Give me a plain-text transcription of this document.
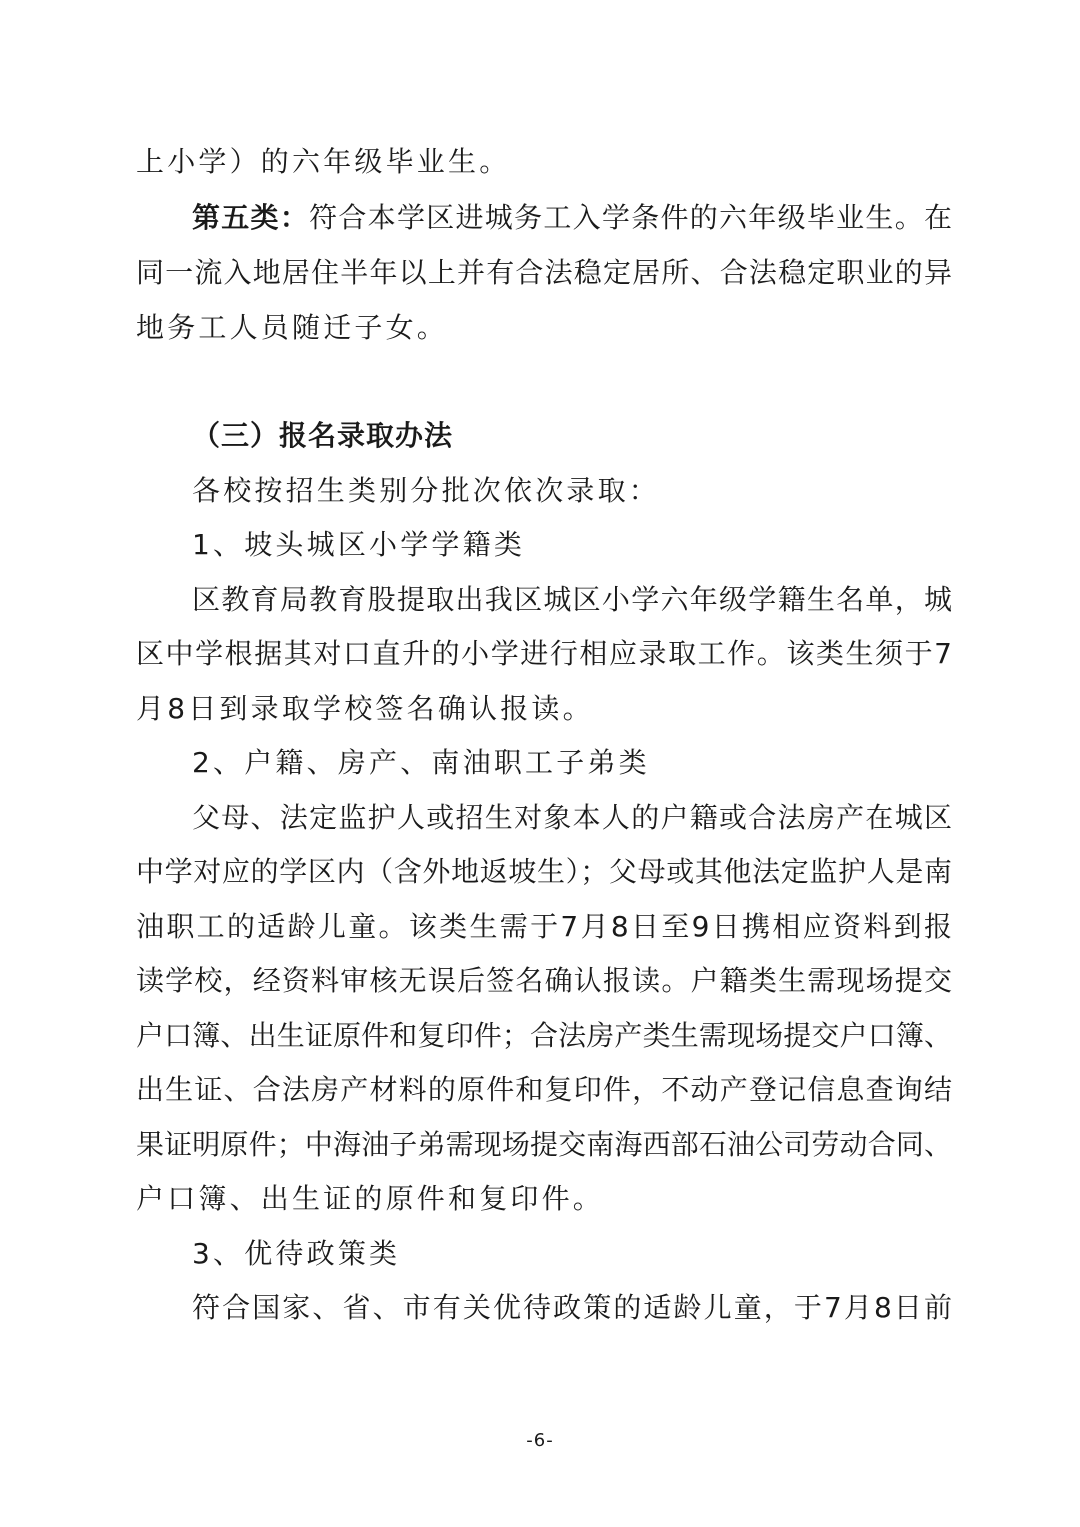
上小学）的六年级毕业生。
第五类：符合本学区进城务工入学条件的六年级毕业生。在
同一流入地居住半年以上并有合法稳定居所、合法稳定职业的异
地务工人员随迁子女。
（三）报名录取办法
各校按招生类别分批次依次录取：
1、坡头城区小学学籍类
区教育局教育股提取出我区城区小学六年级学籍生名单，城
区中学根据其对口直升的小学进行相应录取工作。该类生须于7
月8日到录取学校签名确认报读。
2、户籍、房产、南油职工子弟类
父母、法定监护人或招生对象本人的户籍或合法房产在城区
中学对应的学区内（含外地返坡生）；父母或其他法定监护人是南
油职工的适龄儿童。该类生需于7月8日至9日携相应资料到报
读学校，经资料审核无误后签名确认报读。户籍类生需现场提交
户口簿、出生证原件和复印件；合法房产类生需现场提交户口簿、
出生证、合法房产材料的原件和复印件，不动产登记信息查询结
果证明原件；中海油子弟需现场提交南海西部石油公司劳动合同、
户口簿、出生证的原件和复印件。
3、优待政策类
符合国家、省、市有关优待政策的适龄儿童，于7月8日前
-6-
